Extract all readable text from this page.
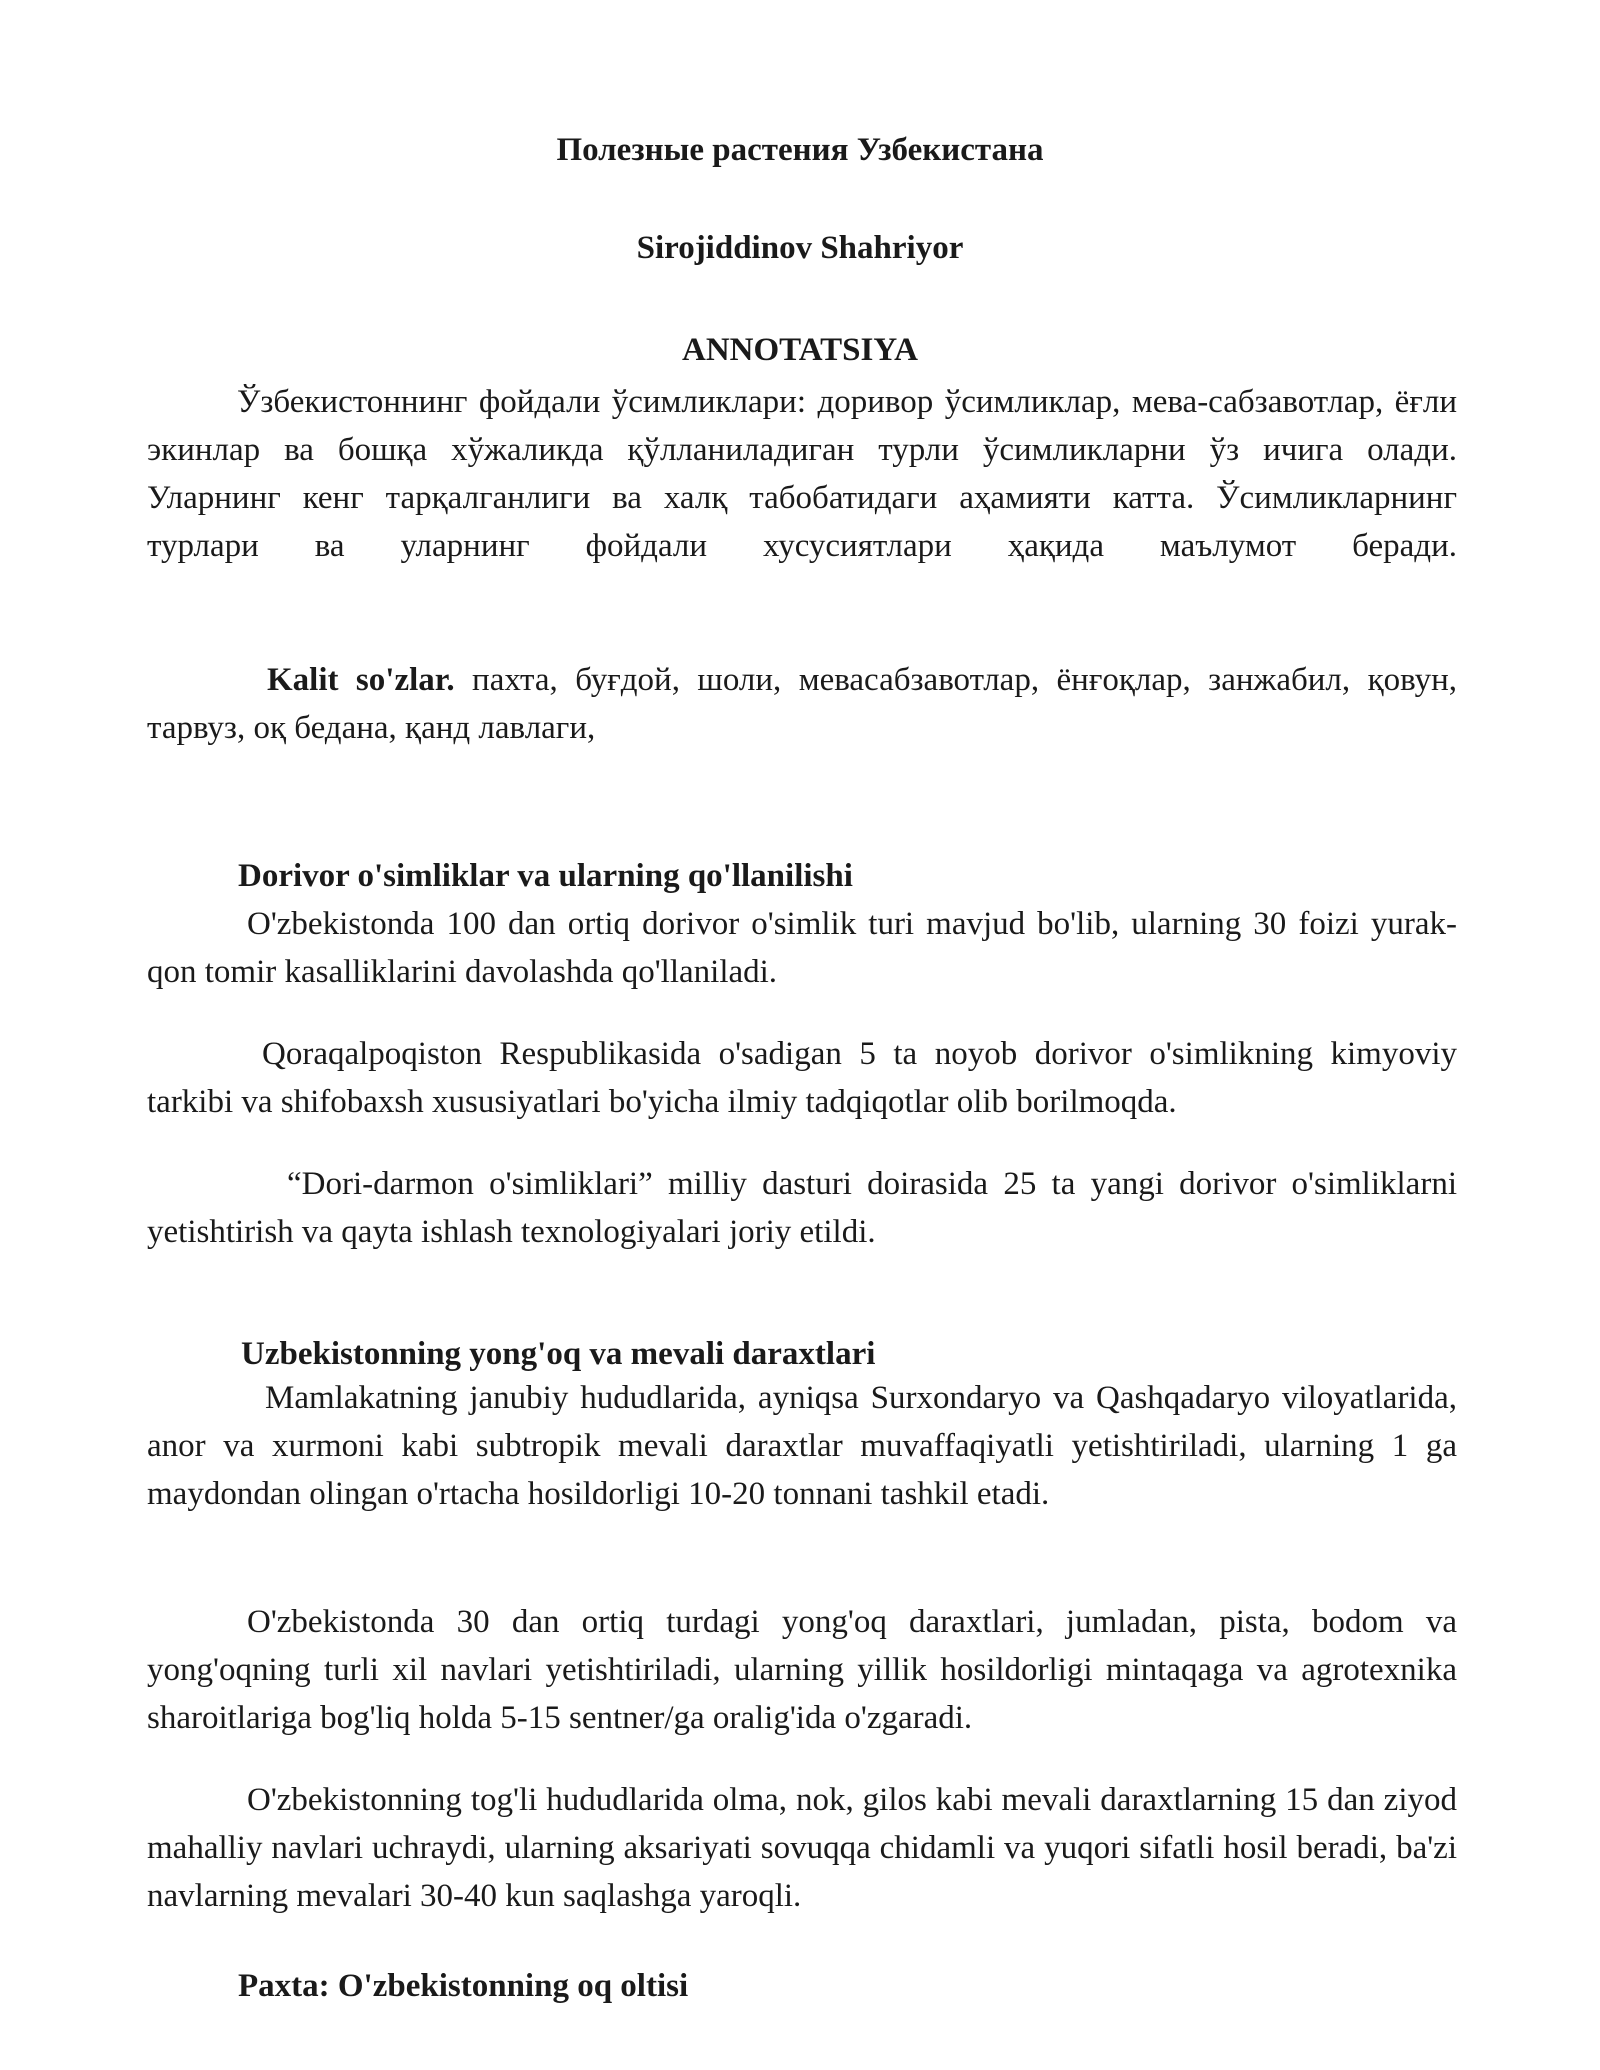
Полезные растения Узбекистана
Sirojiddinov Shahriyor
ANNOTATSIYA

Ўзбекистоннинг фойдали ўсимликлари: доривор ўсимликлар, мева-сабзавотлар, ёғли экинлар ва бошқа хўжаликда қўлланиладиган турли ўсимликларни ўз ичига олади. Уларнинг кенг тарқалганлиги ва халқ табобатидаги аҳамияти катта. Ўсимликларнинг турлари ва уларнинг фойдали хусусиятлари ҳақида маълумот беради.

Kalit so'zlar. пахта, буғдой, шоли, мевасабзавотлар, ёнғоқлар, занжабил, қовун, тарвуз, оқ бедана, қанд лавлаги,

Dorivor o'simliklar va ularning qo'llanilishi

O'zbekistonda 100 dan ortiq dorivor o'simlik turi mavjud bo'lib, ularning 30 foizi yurak-qon tomir kasalliklarini davolashda qo'llaniladi.

Qoraqalpoqiston Respublikasida o'sadigan 5 ta noyob dorivor o'simlikning kimyoviy tarkibi va shifobaxsh xususiyatlari bo'yicha ilmiy tadqiqotlar olib borilmoqda.

“Dori-darmon o'simliklari” milliy dasturi doirasida 25 ta yangi dorivor o'simliklarni yetishtirish va qayta ishlash texnologiyalari joriy etildi.

Uzbekistonning yong'oq va mevali daraxtlari

Mamlakatning janubiy hududlarida, ayniqsa Surxondaryo va Qashqadaryo viloyatlarida, anor va xurmoni kabi subtropik mevali daraxtlar muvaffaqiyatli yetishtiriladi, ularning 1 ga maydondan olingan o'rtacha hosildorligi 10-20 tonnani tashkil etadi.

O'zbekistonda 30 dan ortiq turdagi yong'oq daraxtlari, jumladan, pista, bodom va yong'oqning turli xil navlari yetishtiriladi, ularning yillik hosildorligi mintaqaga va agrotexnika sharoitlariga bog'liq holda 5-15 sentner/ga oralig'ida o'zgaradi.

O'zbekistonning tog'li hududlarida olma, nok, gilos kabi mevali daraxtlarning 15 dan ziyod mahalliy navlari uchraydi, ularning aksariyati sovuqqa chidamli va yuqori sifatli hosil beradi, ba'zi navlarning mevalari 30-40 kun saqlashga yaroqli.

Paxta: O'zbekistonning oq oltisi
